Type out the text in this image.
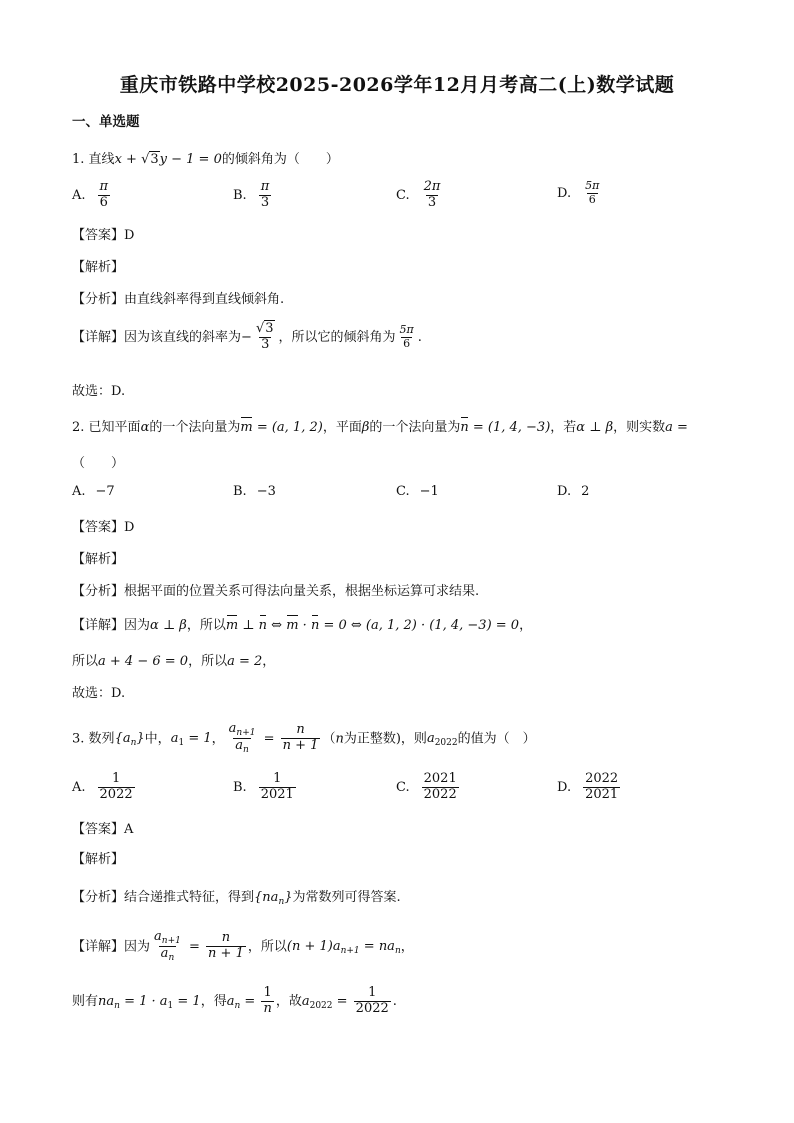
重庆市铁路中学校2025-2026学年12月月考高二(上)数学试题
一、单选题
1. 直线x + √3y − 1 = 0的倾斜角为（　　）
A. $\frac{\pi}{6}$	B. $\frac{\pi}{3}$	C. $\frac{2\pi}{3}$	D. $\frac{5\pi}{6}$
【答案】D
【解析】
【分析】由直线斜率得到直线倾斜角.
【详解】因为该直线的斜率为− $\frac{√3}{3}$ ，所以它的倾斜角为 $\frac{5\pi}{6}$ .
故选：D.
2. 已知平面α的一个法向量为m = (a, 1, 2)，平面β的一个法向量为n = (1, 4, −3)，若α ⊥ β，则实数a =
（　　）
A. −7	B. −3	C. −1	D. 2
【答案】D
【解析】
【分析】根据平面的位置关系可得法向量关系，根据坐标运算可求结果.
【详解】因为α ⊥ β，所以m ⊥ n ⇔ m · n = 0 ⇔ (a, 1, 2) · (1, 4, −3) = 0，
所以a + 4 − 6 = 0，所以a = 2，
故选：D.
3. 数列$\{a_n\}$中，$a_1 = 1$， $\frac{a_{n+1}}{a_n} = \frac{n}{n + 1} (n$为正整数)，则$a_{2022}$的值为（　）
A. $\frac{1}{2022}$	B. $\frac{1}{2021}$	C. $\frac{2021}{2022}$	D. $\frac{2022}{2021}$
【答案】A
【解析】
【分析】结合递推式特征，得到$\{na_n\}$为常数列可得答案.
【详解】因为 $\frac{a_{n+1}}{a_n} = \frac{n}{n + 1}$ ，所以$(n + 1)a_{n+1} = na_n$，
则有$na_n = 1 \cdot a_1 = 1$，得$a_n = \frac{1}{n}$ ，故$a_{2022} = \frac{1}{2022}$ .
